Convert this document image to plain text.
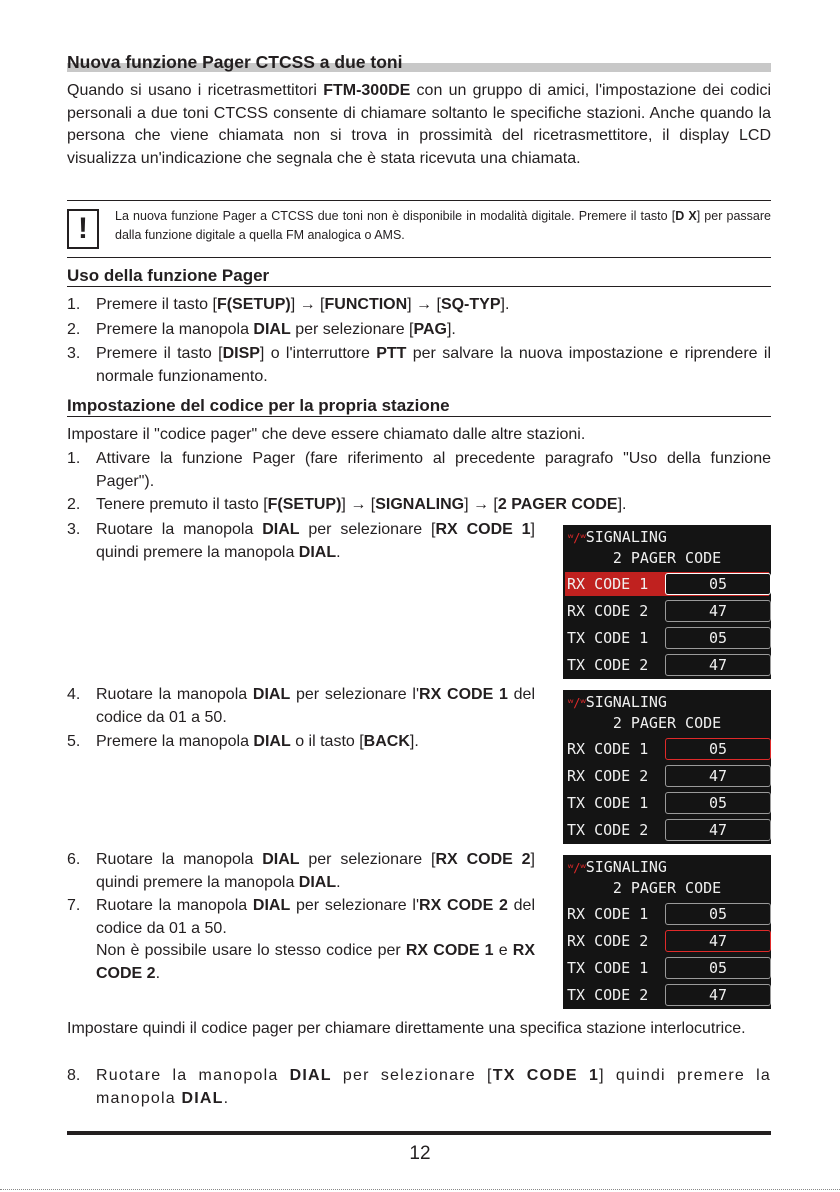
Nuova funzione Pager CTCSS a due toni
Quando si usano i ricetrasmettitori FTM-300DE con un gruppo di amici, l'impostazione dei codici personali a due toni CTCSS consente di chiamare soltanto le specifiche stazioni. Anche quando la persona che viene chiamata non si trova in prossimità del ricetrasmettitore, il display LCD visualizza un'indicazione che segnala che è stata ricevuta una chiamata.
!	La nuova funzione Pager a CTCSS due toni non è disponibile in modalità digitale. Premere il tasto [D X] per passare dalla funzione digitale a quella FM analogica o AMS.
Uso della funzione Pager
1. Premere il tasto [F(SETUP)] → [FUNCTION] → [SQ-TYP].
2. Premere la manopola DIAL per selezionare [PAG].
3. Premere il tasto [DISP] o l'interruttore PTT per salvare la nuova impostazione e riprendere il normale funzionamento.
Impostazione del codice per la propria stazione
Impostare il "codice pager" che deve essere chiamato dalle altre stazioni.
1. Attivare la funzione Pager (fare riferimento al precedente paragrafo "Uso della funzione Pager").
2. Tenere premuto il tasto [F(SETUP)] → [SIGNALING] → [2 PAGER CODE].
3. Ruotare la manopola DIAL per selezionare [RX CODE 1] quindi premere la manopola DIAL.
4. Ruotare la manopola DIAL per selezionare l'RX CODE 1 del codice da 01 a 50.
5. Premere la manopola DIAL o il tasto [BACK].
6. Ruotare la manopola DIAL per selezionare [RX CODE 2] quindi premere la manopola DIAL.
7. Ruotare la manopola DIAL per selezionare l'RX CODE 2 del codice da 01 a 50.
Non è possibile usare lo stesso codice per RX CODE 1 e RX CODE 2.
Impostare quindi il codice pager per chiamare direttamente una specifica stazione interlocutrice.
8. Ruotare la manopola DIAL per selezionare [TX CODE 1] quindi premere la manopola DIAL.
ʷ/ʷSIGNALING
2 PAGER CODE
RX CODE 1	05
RX CODE 2	47
TX CODE 1	05
TX CODE 2	47
ʷ/ʷSIGNALING
2 PAGER CODE
RX CODE 1	05
RX CODE 2	47
TX CODE 1	05
TX CODE 2	47
ʷ/ʷSIGNALING
2 PAGER CODE
RX CODE 1	05
RX CODE 2	47
TX CODE 1	05
TX CODE 2	47
12
